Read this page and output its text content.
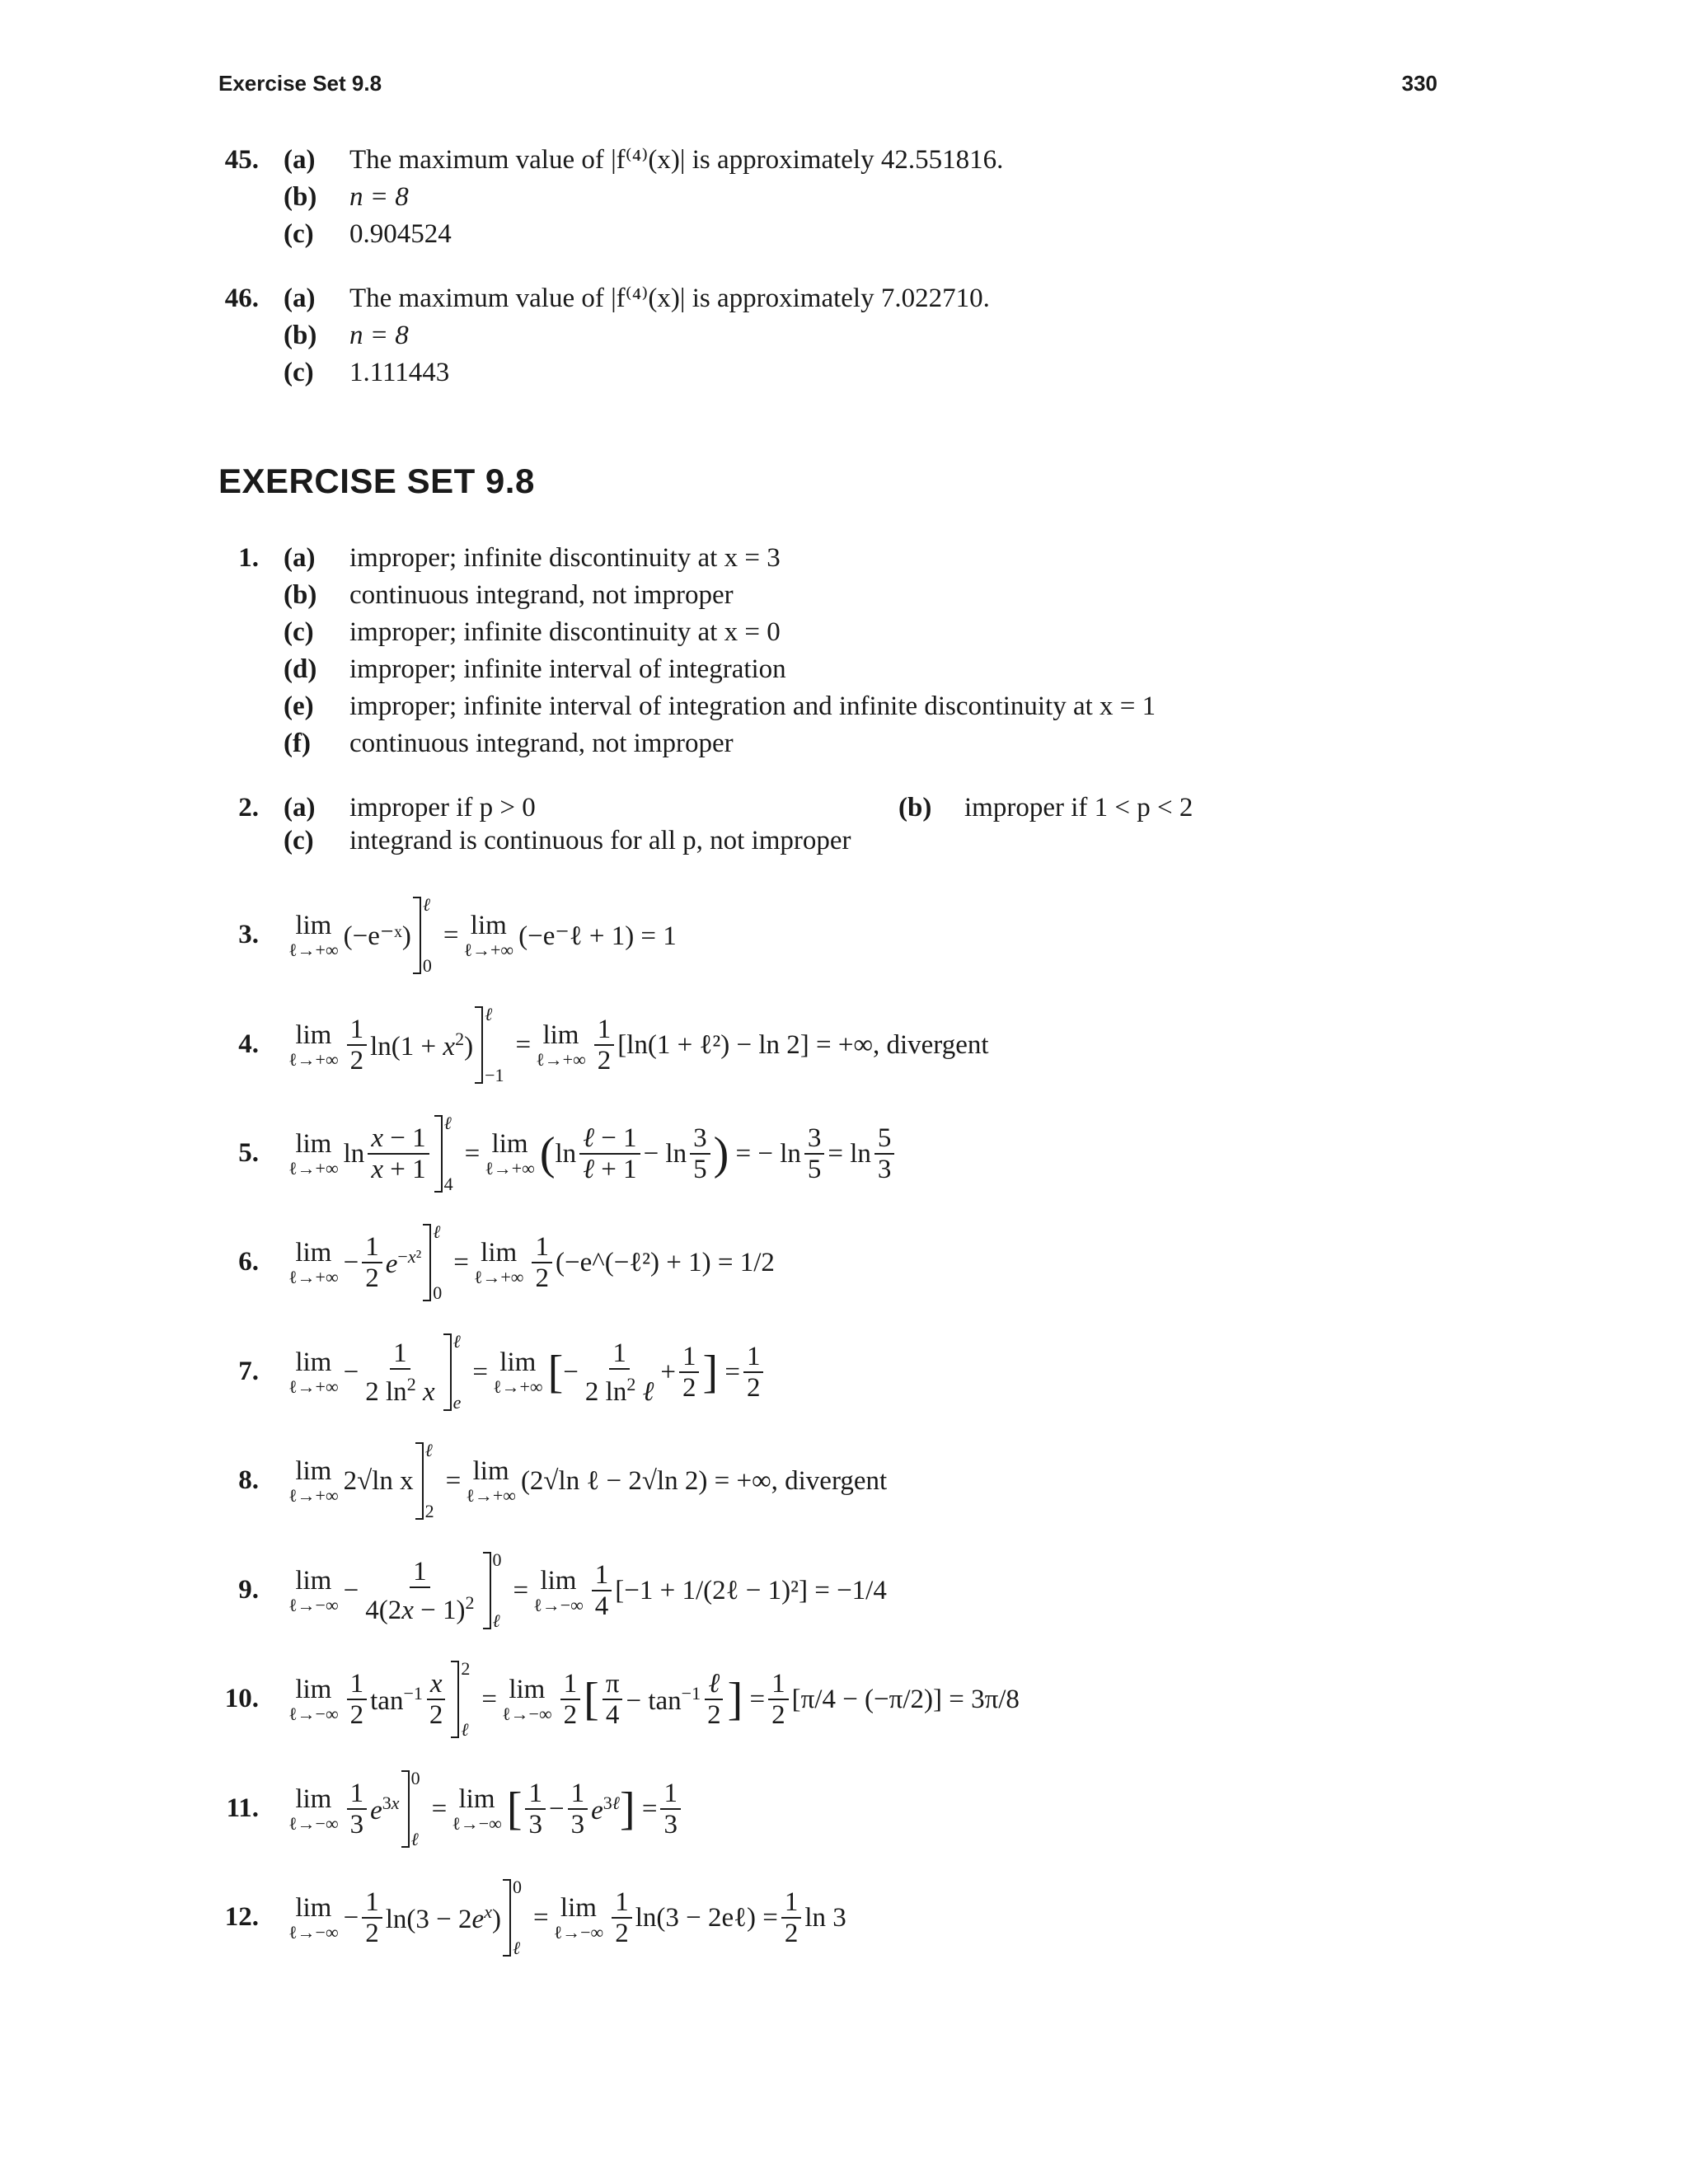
Exercise Set 9.8	330
45. (a) The maximum value of |f⁽⁴⁾(x)| is approximately 42.551816.
(b) n = 8
(c) 0.904524
46. (a) The maximum value of |f⁽⁴⁾(x)| is approximately 7.022710.
(b) n = 8
(c) 1.111443
EXERCISE SET 9.8
1. (a) improper; infinite discontinuity at x = 3
(b) continuous integrand, not improper
(c) improper; infinite discontinuity at x = 0
(d) improper; infinite interval of integration
(e) improper; infinite interval of integration and infinite discontinuity at x = 1
(f) continuous integrand, not improper
2. (a) improper if p > 0	(b) improper if 1 < p < 2
(c) integrand is continuous for all p, not improper
3. lim
ℓ→+∞ (−e⁻ˣ)
ℓ
0
= lim
ℓ→+∞ (−e⁻ℓ + 1) = 1
4. lim
ℓ→+∞ $\frac{1}{2} \ln(1 + x^2)$
ℓ
−1
= lim
ℓ→+∞ $\frac{1}{2} [\ln(1$ + ℓ²) − ln 2] = +∞, divergent
5. lim
ℓ→+∞ $\ln \frac{x - 1}{x + 1}$
ℓ
4
= lim
ℓ→+∞ ( $\ln \frac{\text{ℓ − 1}}{\text{ℓ + 1}} - \ln \frac{3}{5}$ ) = − $\ln \frac{3}{5} = \ln \frac{5}{3}$
6. lim
ℓ→+∞ − $\frac{1}{2} e^{-x^2}$
ℓ
0
= lim
ℓ→+∞ $\frac{1}{2}$ (−e^(−ℓ²) + 1) = 1/2
7. lim
ℓ→+∞ − $\frac{1}{2 \ln^2 x}$ ℓ
e
= lim
ℓ→+∞ [ − $\frac{1}{2 \ln^2 \ell} + \frac{1}{2}$ ] = $\frac{1}{2}$
8. lim
ℓ→+∞ 2√ln x
ℓ
2
= lim
ℓ→+∞ (2√ln ℓ − 2√ln 2) = +∞, divergent
9. lim
ℓ→−∞ − $\frac{1}{4(2x - 1)^2} 0$
ℓ
= lim
ℓ→−∞ $\frac{1}{4} [-1$ + 1/(2ℓ − 1)²] = −1/4
10. lim
ℓ→−∞ $\frac{1}{2} \tan^{-1} \frac{x}{2}$
2
ℓ
= lim
ℓ→−∞ $\frac{1}{2}$ [ $\frac{\pi}{4} - \tan^{-1} \frac{\text{ℓ}}{2}$ ] = $\frac{1}{2} [\pi/4 - (-\pi/2)] = 3\pi/8$
11. lim
ℓ→−∞ $\frac{1}{3} e^{3x}$
0
ℓ
= lim
ℓ→−∞ [ $\frac{1}{3} - \frac{1}{3} e^{3\ell}$ ] = $\frac{1}{3}$
12. lim
ℓ→−∞ − $\frac{1}{2} \ln(3 - 2e^x)$
0
ℓ
= lim
ℓ→−∞ $\frac{1}{2} \ln(3$ − 2eℓ) = $\frac{1}{2}$ ln 3
